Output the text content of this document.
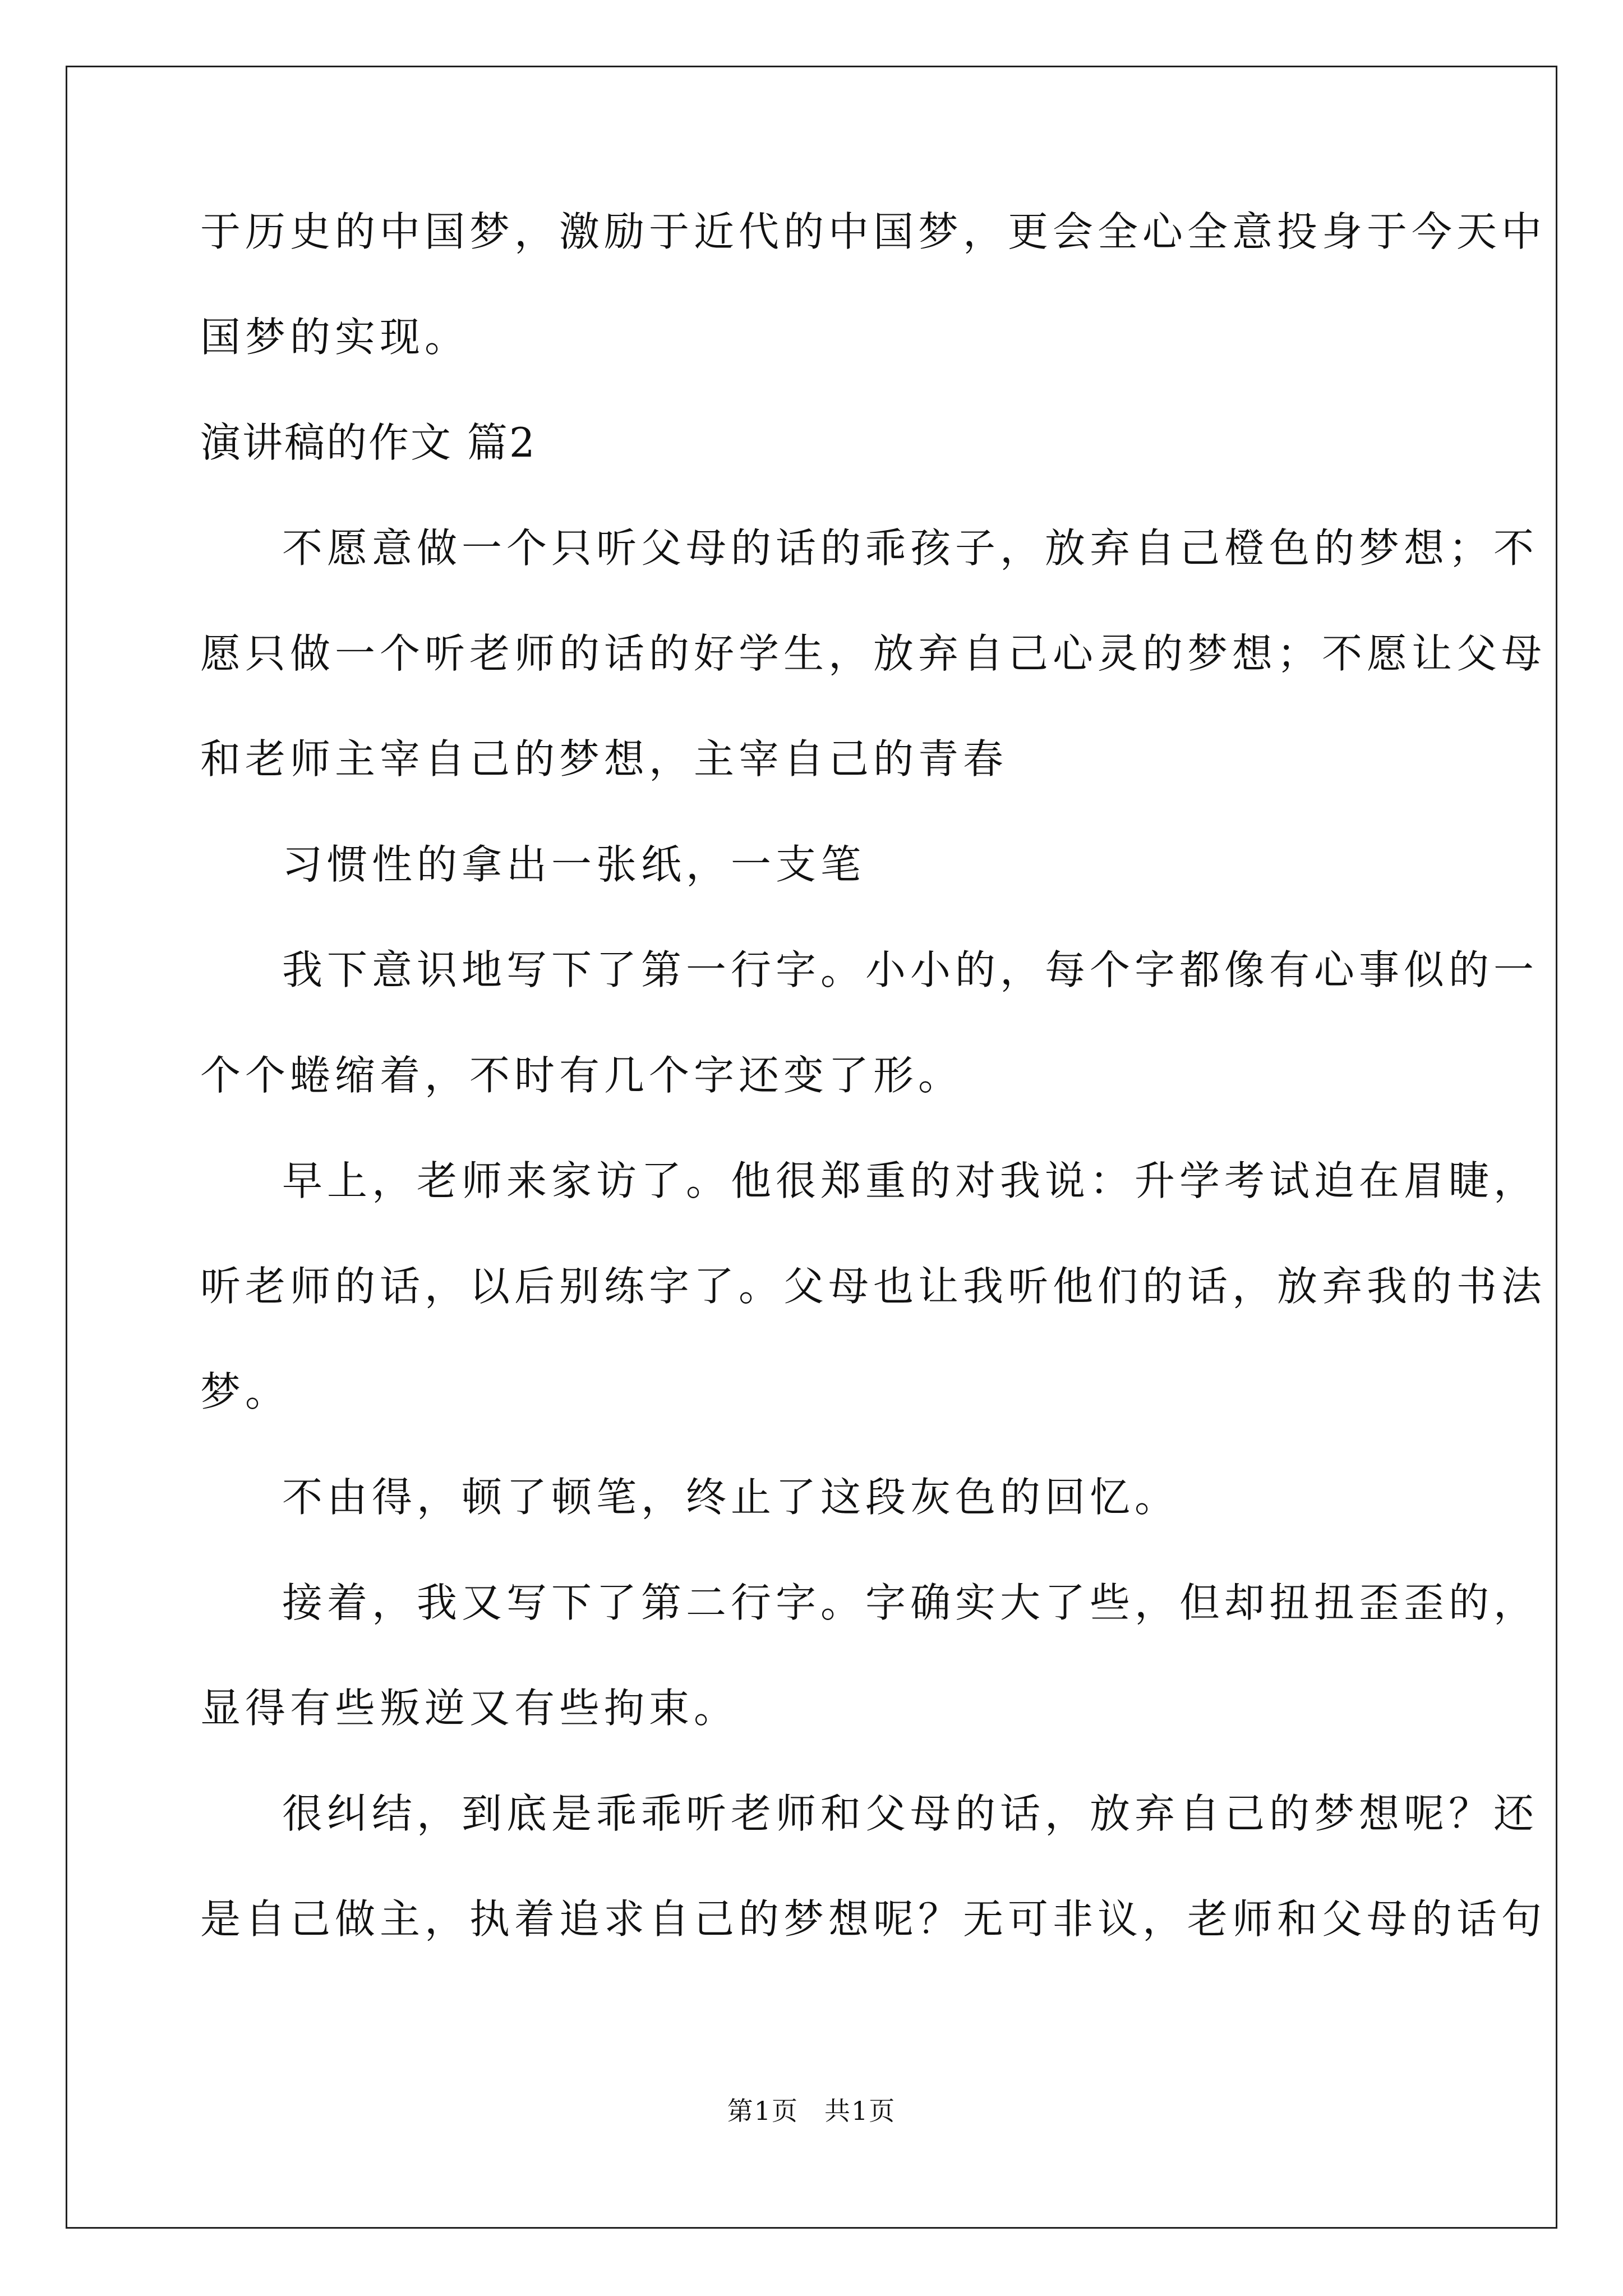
于历史的中国梦，激励于近代的中国梦，更会全心全意投身于今天中

国梦的实现。

演讲稿的作文 篇2

不愿意做一个只听父母的话的乖孩子，放弃自己橙色的梦想；不

愿只做一个听老师的话的好学生，放弃自己心灵的梦想；不愿让父母

和老师主宰自己的梦想，主宰自己的青春

习惯性的拿出一张纸，一支笔

我下意识地写下了第一行字。小小的，每个字都像有心事似的一

个个蜷缩着，不时有几个字还变了形。

早上，老师来家访了。他很郑重的对我说：升学考试迫在眉睫，

听老师的话，以后别练字了。父母也让我听他们的话，放弃我的书法

梦。

不由得，顿了顿笔，终止了这段灰色的回忆。

接着，我又写下了第二行字。字确实大了些，但却扭扭歪歪的，

显得有些叛逆又有些拘束。

很纠结，到底是乖乖听老师和父母的话，放弃自己的梦想呢？还

是自己做主，执着追求自己的梦想呢？无可非议，老师和父母的话句

第1页 共1页
